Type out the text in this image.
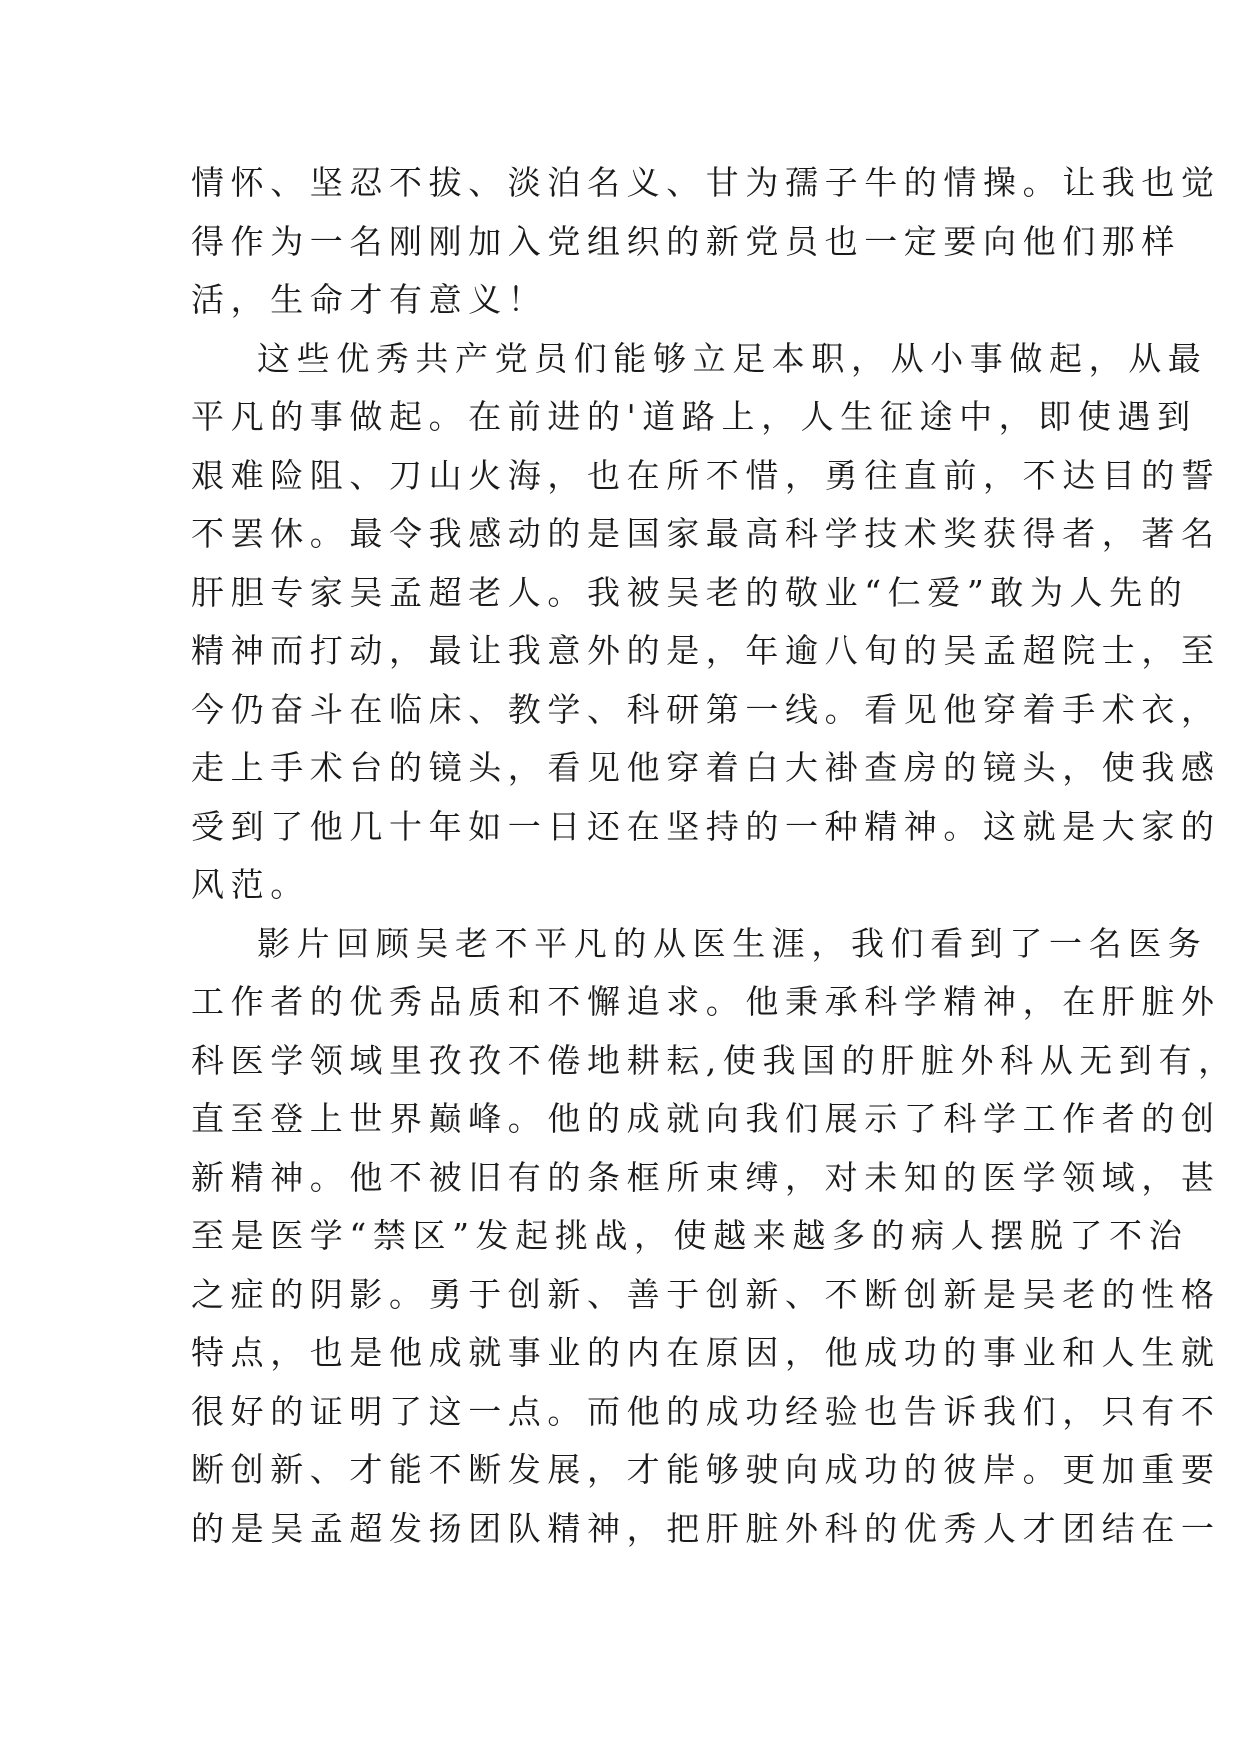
情怀、坚忍不拔、淡泊名义、甘为孺子牛的情操。让我也觉
得作为一名刚刚加入党组织的新党员也一定要向他们那样
活，生命才有意义！
这些优秀共产党员们能够立足本职，从小事做起，从最
平凡的事做起。在前进的'道路上，人生征途中，即使遇到
艰难险阻、刀山火海，也在所不惜，勇往直前，不达目的誓
不罢休。最令我感动的是国家最高科学技术奖获得者，著名
肝胆专家吴孟超老人。我被吴老的敬业“仁爱”敢为人先的
精神而打动，最让我意外的是，年逾八旬的吴孟超院士，至
今仍奋斗在临床、教学、科研第一线。看见他穿着手术衣，
走上手术台的镜头，看见他穿着白大褂查房的镜头，使我感
受到了他几十年如一日还在坚持的一种精神。这就是大家的
风范。
影片回顾吴老不平凡的从医生涯，我们看到了一名医务
工作者的优秀品质和不懈追求。他秉承科学精神，在肝脏外
科医学领域里孜孜不倦地耕耘,使我国的肝脏外科从无到有，
直至登上世界巅峰。他的成就向我们展示了科学工作者的创
新精神。他不被旧有的条框所束缚，对未知的医学领域，甚
至是医学“禁区”发起挑战，使越来越多的病人摆脱了不治
之症的阴影。勇于创新、善于创新、不断创新是吴老的性格
特点，也是他成就事业的内在原因，他成功的事业和人生就
很好的证明了这一点。而他的成功经验也告诉我们，只有不
断创新、才能不断发展，才能够驶向成功的彼岸。更加重要
的是吴孟超发扬团队精神，把肝脏外科的优秀人才团结在一
